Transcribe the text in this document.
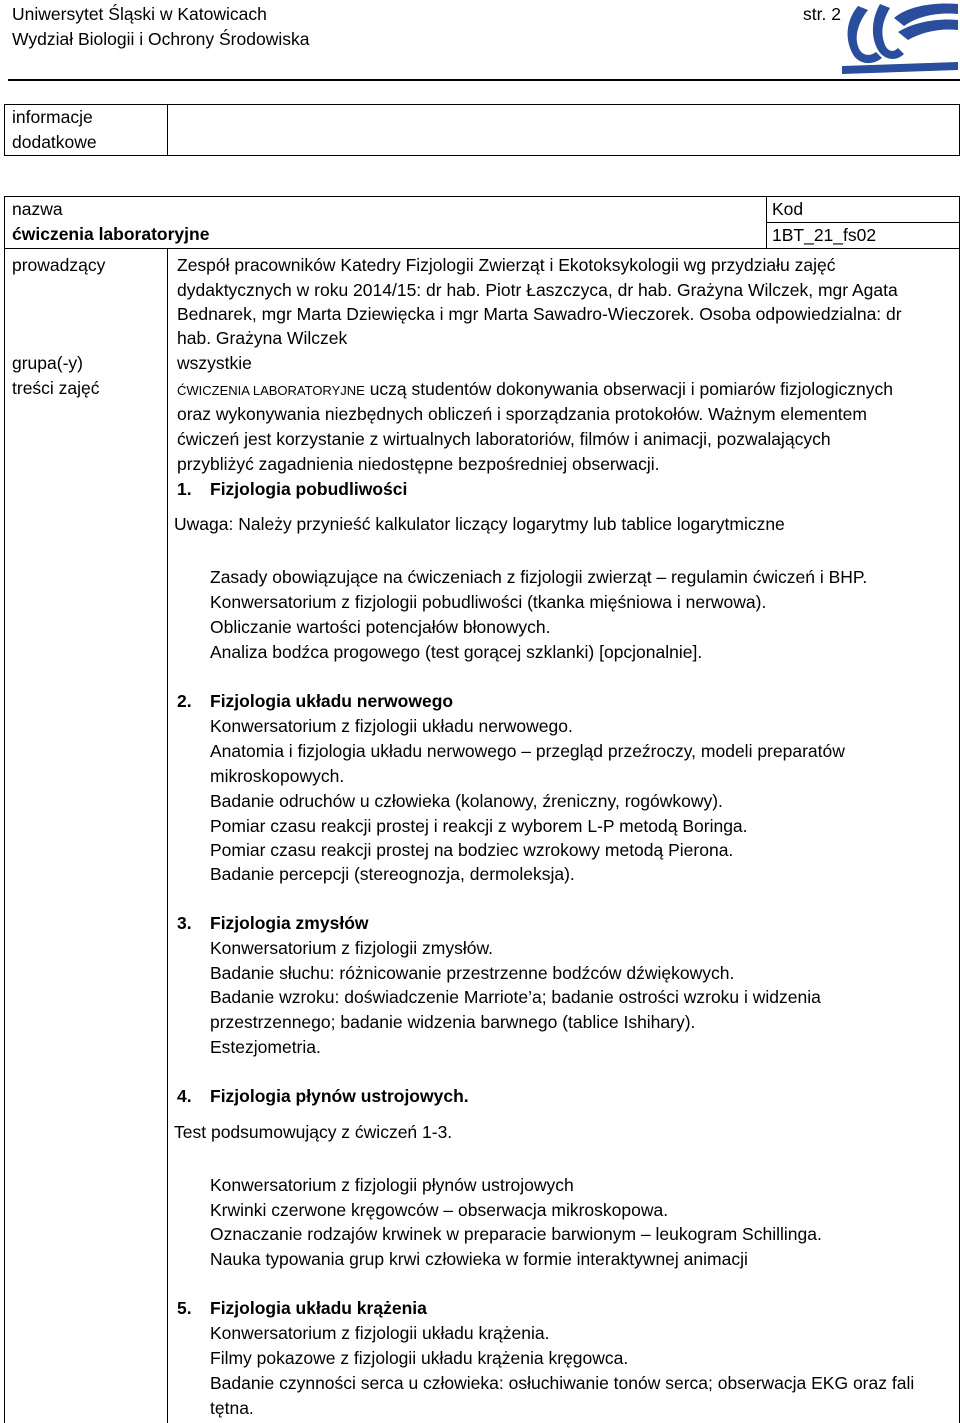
Uniwersytet Śląski w Katowicach
Wydział Biologii i Ochrony Środowiska
str. 2
informacje
dodatkowe
nazwa
ćwiczenia laboratoryjne
Kod
1BT_21_fs02
prowadzący
grupa(-y)
treści zajęć
Zespół pracowników Katedry Fizjologii Zwierząt i Ekotoksykologii wg przydziału zajęć
dydaktycznych w roku 2014/15: dr hab. Piotr Łaszczyca, dr hab. Grażyna Wilczek, mgr Agata
Bednarek, mgr Marta Dziewięcka i mgr Marta Sawadro-Wieczorek. Osoba odpowiedzialna: dr
hab. Grażyna Wilczek
wszystkie
ĆWICZENIA LABORATORYJNE uczą studentów dokonywania obserwacji i pomiarów fizjologicznych
oraz wykonywania niezbędnych obliczeń i sporządzania protokołów. Ważnym elementem
ćwiczeń jest korzystanie z wirtualnych laboratoriów, filmów i animacji, pozwalających
przybliżyć zagadnienia niedostępne bezpośredniej obserwacji.
1. Fizjologia pobudliwości
Uwaga: Należy przynieść kalkulator liczący logarytmy lub tablice logarytmiczne
Zasady obowiązujące na ćwiczeniach z fizjologii zwierząt – regulamin ćwiczeń i BHP.
Konwersatorium z fizjologii pobudliwości (tkanka mięśniowa i nerwowa).
Obliczanie wartości potencjałów błonowych.
Analiza bodźca progowego (test gorącej szklanki) [opcjonalnie].
2. Fizjologia układu nerwowego
Konwersatorium z fizjologii układu nerwowego.
Anatomia i fizjologia układu nerwowego – przegląd przeźroczy, modeli preparatów
mikroskopowych.
Badanie odruchów u człowieka (kolanowy, źreniczny, rogówkowy).
Pomiar czasu reakcji prostej i reakcji z wyborem L-P metodą Boringa.
Pomiar czasu reakcji prostej na bodziec wzrokowy metodą Pierona.
Badanie percepcji (stereognozja, dermoleksja).
3. Fizjologia zmysłów
Konwersatorium z fizjologii zmysłów.
Badanie słuchu: różnicowanie przestrzenne bodźców dźwiękowych.
Badanie wzroku: doświadczenie Marriote’a; badanie ostrości wzroku i widzenia
przestrzennego; badanie widzenia barwnego (tablice Ishihary).
Estezjometria.
4. Fizjologia płynów ustrojowych.
Test podsumowujący z ćwiczeń 1-3.
Konwersatorium z fizjologii płynów ustrojowych
Krwinki czerwone kręgowców – obserwacja mikroskopowa.
Oznaczanie rodzajów krwinek w preparacie barwionym – leukogram Schillinga.
Nauka typowania grup krwi człowieka w formie interaktywnej animacji
5. Fizjologia układu krążenia
Konwersatorium z fizjologii układu krążenia.
Filmy pokazowe z fizjologii układu krążenia kręgowca.
Badanie czynności serca u człowieka: osłuchiwanie tonów serca; obserwacja EKG oraz fali
tętna.
